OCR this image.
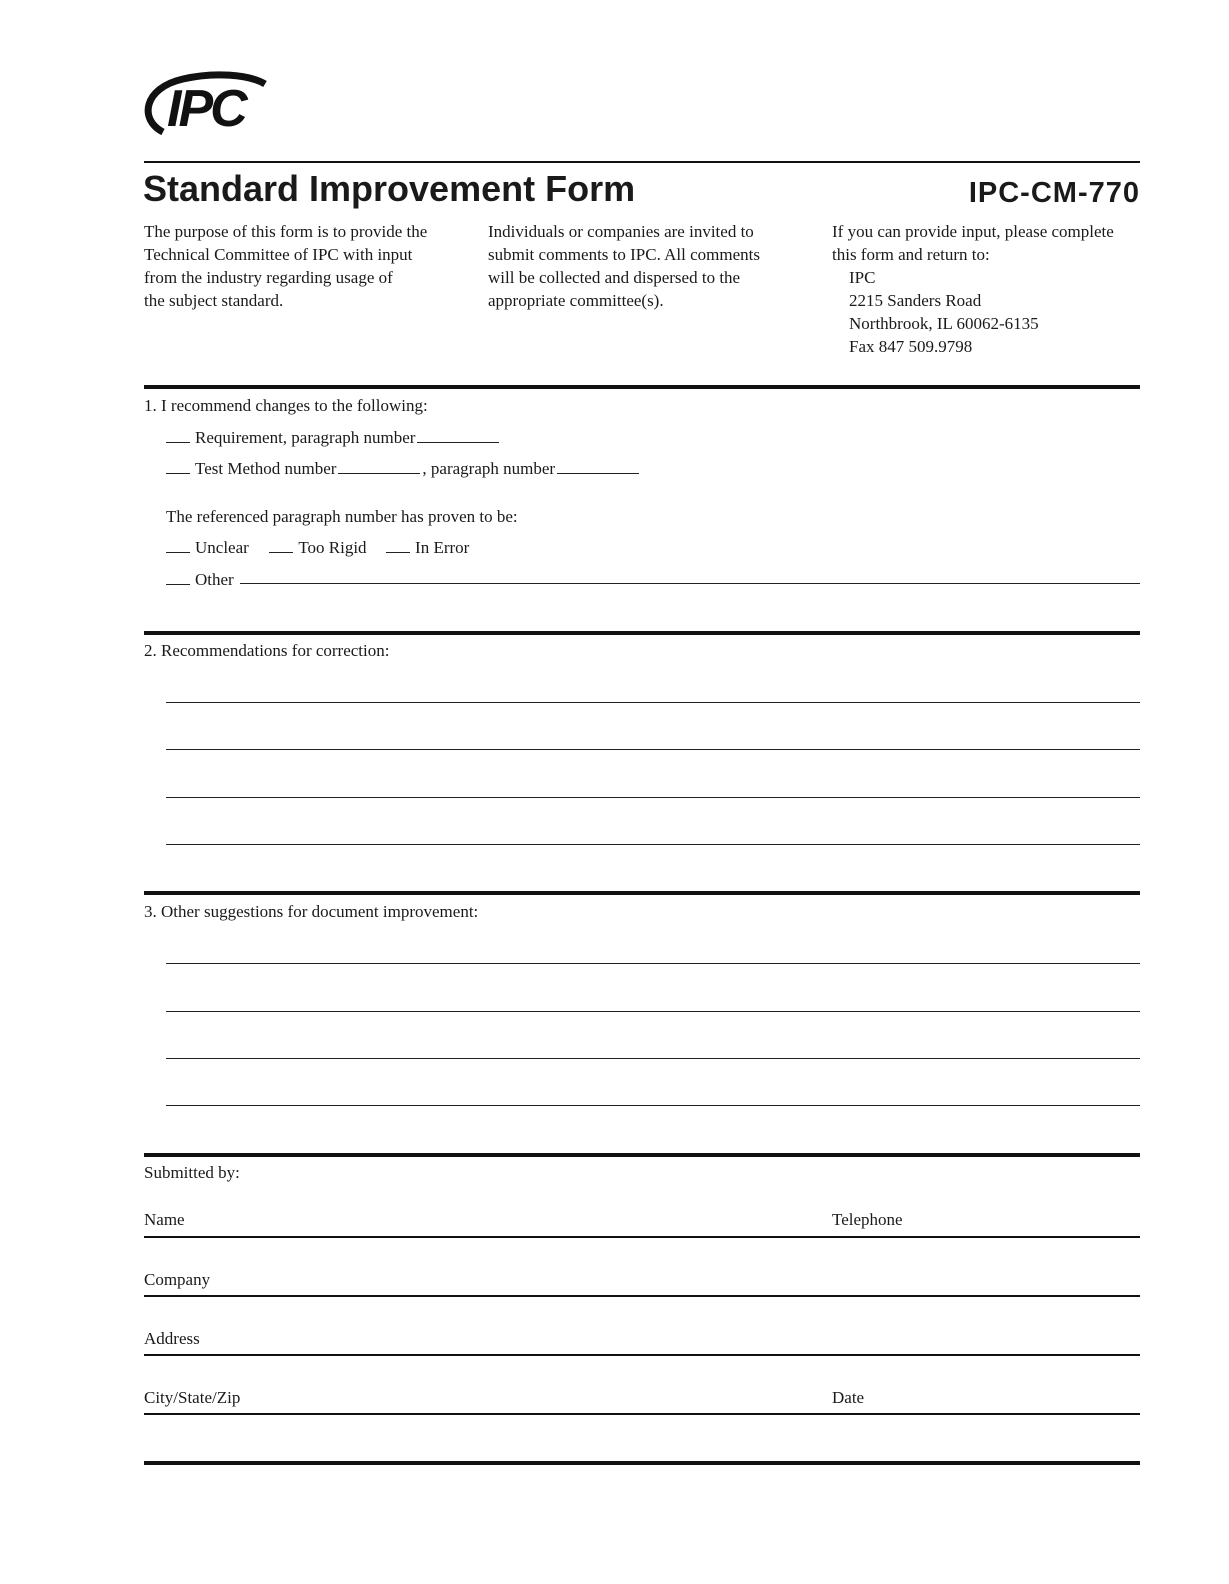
IPC
Standard Improvement Form	IPC-CM-770

The purpose of this form is to provide the

Technical Committee of IPC with input

from the industry regarding usage of

the subject standard.

Individuals or companies are invited to

submit comments to IPC. All comments

will be collected and dispersed to the

appropriate committee(s).

If you can provide input, please complete

this form and return to:

IPC

2215 Sanders Road

Northbrook, IL 60062-6135

Fax 847 509.9798

1. I recommend changes to the following:
Requirement, paragraph number
Test Method number	, paragraph number
The referenced paragraph number has proven to be:
Unclear	Too Rigid	In Error
Other
2. Recommendations for correction:
3. Other suggestions for document improvement:
Submitted by:
Name	Telephone
Company
Address
City/State/Zip	Date
